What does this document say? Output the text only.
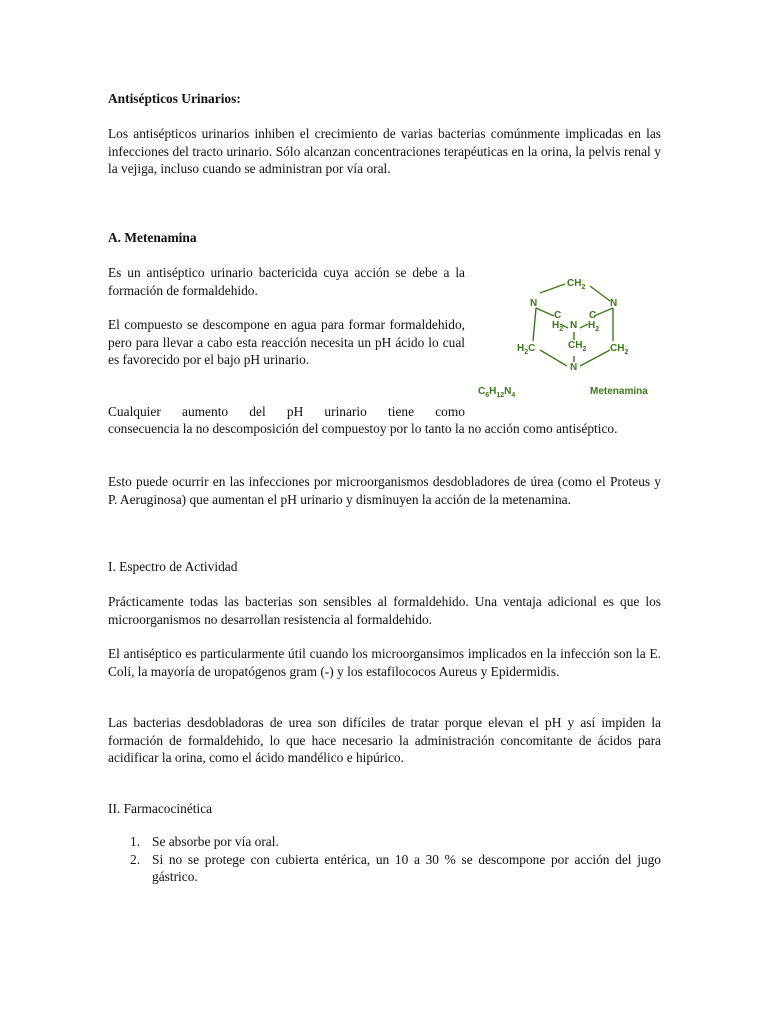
Antisépticos Urinarios:

Los antisépticos urinarios inhiben el crecimiento de varias bacterias comúnmente implicadas en las infecciones del tracto urinario. Sólo alcanzan concentraciones terapéuticas en la orina, la pelvis renal y la vejiga, incluso cuando se administran por vía oral.

A. Metenamina

Es un antiséptico urinario bactericida cuya acción se debe a la formación de formaldehido.

El compuesto se descompone en agua para formar formaldehido, pero para llevar a cabo esta reacción necesita un pH ácido lo cual es favorecido por el bajo pH urinario.

Cualquier aumento del pH urinario tiene como

consecuencia la no descomposición del compuestoy por lo tanto la no acción como antiséptico.

Esto puede ocurrir en las infecciones por microorganismos desdobladores de úrea (como el Proteus y P. Aeruginosa) que aumentan el pH urinario y disminuyen la acción de la metenamina.

I. Espectro de Actividad

Prácticamente todas las bacterias son sensibles al formaldehido. Una ventaja adicional es que los microorganismos no desarrollan resistencia al formaldehido.

El antiséptico es particularmente útil cuando los microorgansimos implicados en la infección son la E. Coli, la mayoría de uropatógenos gram (-) y los estafilococos Aureus y Epidermidis.

Las bacterias desdobladoras de urea son difíciles de tratar porque elevan el pH y así impiden la formación de formaldehido, lo que hace necesario la administración concomitante de ácidos para acidificar la orina, como el ácido mandélico e hipúrico.

II. Farmacocinética

1. Se absorbe por vía oral.
2. Si no se protege con cubierta entérica, un 10 a 30 % se descompone por acción del jugo gástrico.
$CH_2$
N	N
C	C
$H_2$ N $H_2$
$CH_2$
$H_2C$	$CH_2$
N
$C_6H_{12}N_4$	Metenamina
